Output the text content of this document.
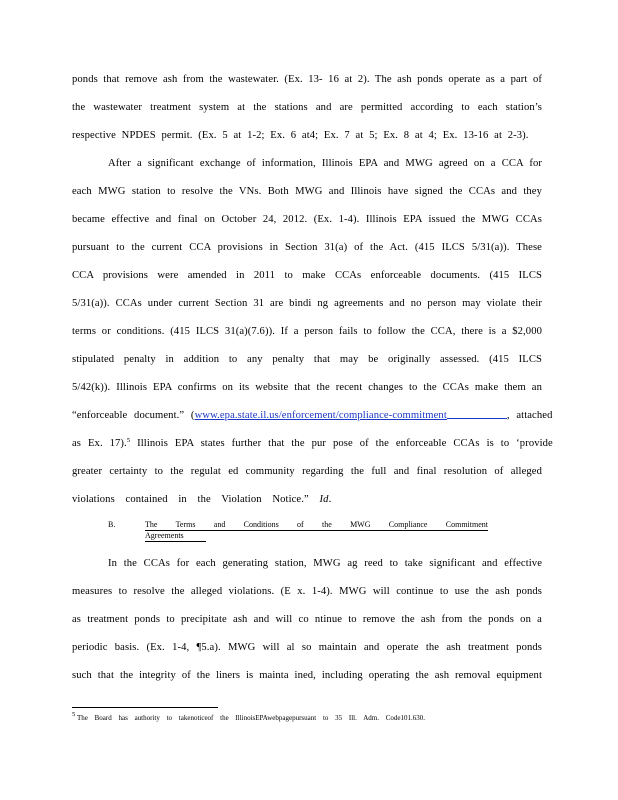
ponds that remove ash from the wastewater. (Ex. 13- 16 at 2). The ash ponds operate as a part of
the wastewater treatment system at the stations and are permitted according to each station’s
respective NPDES permit. (Ex. 5 at 1-2; Ex. 6 at4; Ex. 7 at 5; Ex. 8 at 4; Ex. 13-16 at 2-3).
After a significant exchange of information, Illinois EPA and MWG agreed on a CCA for
each MWG station to resolve the VNs. Both MWG and Illinois have signed the CCAs and they
became effective and final on October 24, 2012. (Ex. 1-4). Illinois EPA issued the MWG CCAs
pursuant to the current CCA provisions in Section 31(a) of the Act. (415 ILCS 5/31(a)). These
CCA provisions were amended in 2011 to make CCAs enforceable documents. (415 ILCS
5/31(a)). CCAs under current Section 31 are bindi ng agreements and no person may violate their
terms or conditions. (415 ILCS 31(a)(7.6)). If a person fails to follow the CCA, there is a $2,000
stipulated penalty in addition to any penalty that may be originally assessed. (415 ILCS
5/42(k)). Illinois EPA confirms on its website that the recent changes to the CCAs make them an
“enforceable document.” (www.epa.state.il.us/enforcement/compliance-commitment	, attached
as Ex. 17).$^5$ Illinois EPA states further that the pur pose of the enforceable CCAs is to ‘provide
greater certainty to the regulat ed community regarding the full and final resolution of alleged
violations contained in the Violation Notice.” Id.
B.	The Terms and Conditions of the MWG Compliance Commitment
Agreements
In the CCAs for each generating station, MWG ag reed to take significant and effective
measures to resolve the alleged violations. (E x. 1-4). MWG will continue to use the ash ponds
as treatment ponds to precipitate ash and will co ntinue to remove the ash from the ponds on a
periodic basis. (Ex. 1-4, ¶5.a). MWG will al so maintain and operate the ash treatment ponds
such that the integrity of the liners is mainta ined, including operating the ash removal equipment
$^5$ The Board has authority to takenoticeof the IllinoisEPAwebpagepursuant to 35 Ill. Adm. Code101.630.
